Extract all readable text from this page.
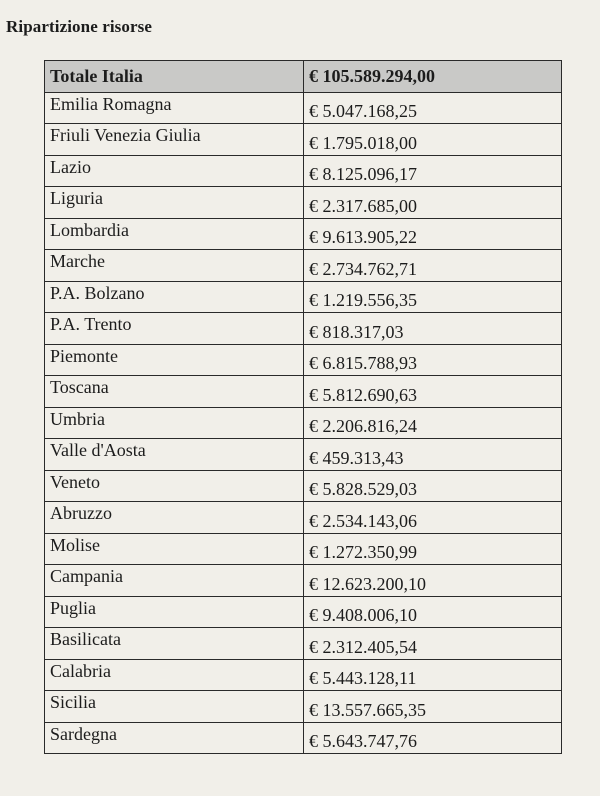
Ripartizione risorse
Totale Italia	€ 105.589.294,00
Emilia Romagna	€ 5.047.168,25
Friuli Venezia Giulia	€ 1.795.018,00
Lazio	€ 8.125.096,17
Liguria	€ 2.317.685,00
Lombardia	€ 9.613.905,22
Marche	€ 2.734.762,71
P.A. Bolzano	€ 1.219.556,35
P.A. Trento	€ 818.317,03
Piemonte	€ 6.815.788,93
Toscana	€ 5.812.690,63
Umbria	€ 2.206.816,24
Valle d'Aosta	€ 459.313,43
Veneto	€ 5.828.529,03
Abruzzo	€ 2.534.143,06
Molise	€ 1.272.350,99
Campania	€ 12.623.200,10
Puglia	€ 9.408.006,10
Basilicata	€ 2.312.405,54
Calabria	€ 5.443.128,11
Sicilia	€ 13.557.665,35
Sardegna	€ 5.643.747,76
